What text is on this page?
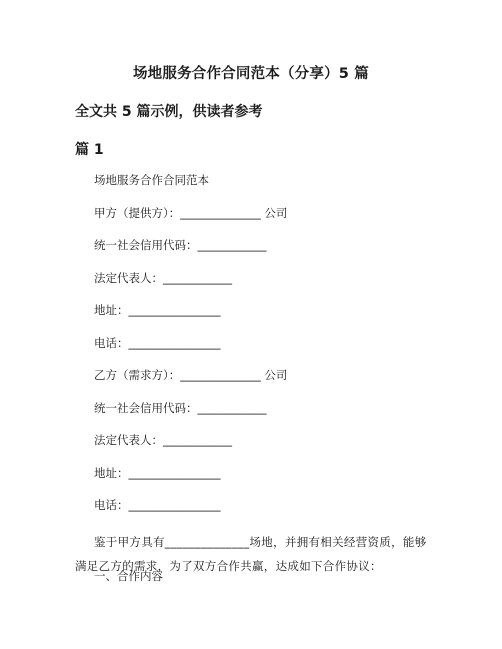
场地服务合作合同范本（分享）5 篇
全文共 5 篇示例，供读者参考
篇 1
场地服务合作合同范本
甲方（提供方）：______________ 公司
统一社会信用代码：____________
法定代表人：____________
地址：________________
电话：________________
乙方（需求方）：______________ 公司
统一社会信用代码：____________
法定代表人：____________
地址：________________
电话：________________
鉴于甲方具有______________场地，并拥有相关经营资质，能够满足乙方的需求，为了双方合作共赢，达成如下合作协议：
一、合作内容
